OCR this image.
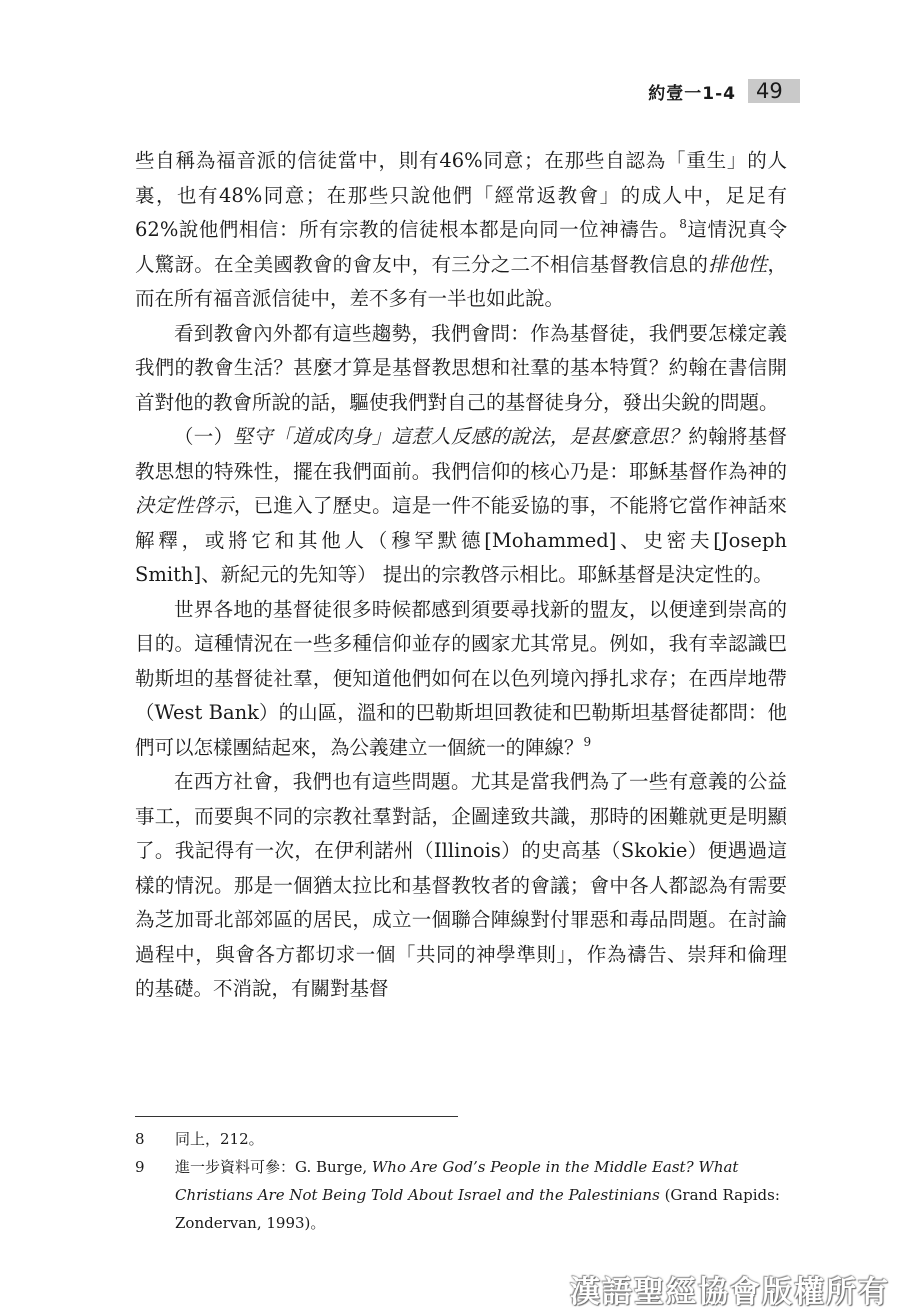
約壹一1-4 49

些自稱為福音派的信徒當中，則有46%同意；在那些自認為「重生」的人裏，也有48%同意；在那些只說他們「經常返教會」的成人中，足足有62%說他們相信：所有宗教的信徒根本都是向同一位神禱告。$^8$這情況真令人驚訝。在全美國教會的會友中，有三分之二不相信基督教信息的排他性，而在所有福音派信徒中，差不多有一半也如此說。

看到教會內外都有這些趨勢，我們會問：作為基督徒，我們要怎樣定義我們的教會生活？甚麼才算是基督教思想和社羣的基本特質？約翰在書信開首對他的教會所說的話，驅使我們對自己的基督徒身分，發出尖銳的問題。

（一）堅守「道成肉身」這惹人反感的說法，是甚麼意思？約翰將基督教思想的特殊性，擺在我們面前。我們信仰的核心乃是：耶穌基督作為神的決定性啓示，已進入了歷史。這是一件不能妥協的事，不能將它當作神話來解釋，或將它和其他人（穆罕默德[Mohammed]、史密夫[Joseph Smith]、新紀元的先知等） 提出的宗教啓示相比。耶穌基督是決定性的。

世界各地的基督徒很多時候都感到須要尋找新的盟友，以便達到崇高的目的。這種情況在一些多種信仰並存的國家尤其常見。例如，我有幸認識巴勒斯坦的基督徒社羣，便知道他們如何在以色列境內掙扎求存；在西岸地帶（West Bank）的山區，溫和的巴勒斯坦回教徒和巴勒斯坦基督徒都問：他們可以怎樣團結起來，為公義建立一個統一的陣線？$^9$

在西方社會，我們也有這些問題。尤其是當我們為了一些有意義的公益事工，而要與不同的宗教社羣對話，企圖達致共識，那時的困難就更是明顯了。我記得有一次，在伊利諾州（Illinois）的史高基（Skokie）便遇過這樣的情況。那是一個猶太拉比和基督教牧者的會議；會中各人都認為有需要為芝加哥北部郊區的居民，成立一個聯合陣線對付罪惡和毒品問題。在討論過程中，與會各方都切求一個「共同的神學準則」，作為禱告、崇拜和倫理的基礎。不消說，有關對基督

8	同上，212。
9	進一步資料可參：G. Burge, Who Are God’s People in the Middle East? What Christians Are Not Being Told About Israel and the Palestinians (Grand Rapids: Zondervan, 1993)。
漢語聖經協會版權所有
